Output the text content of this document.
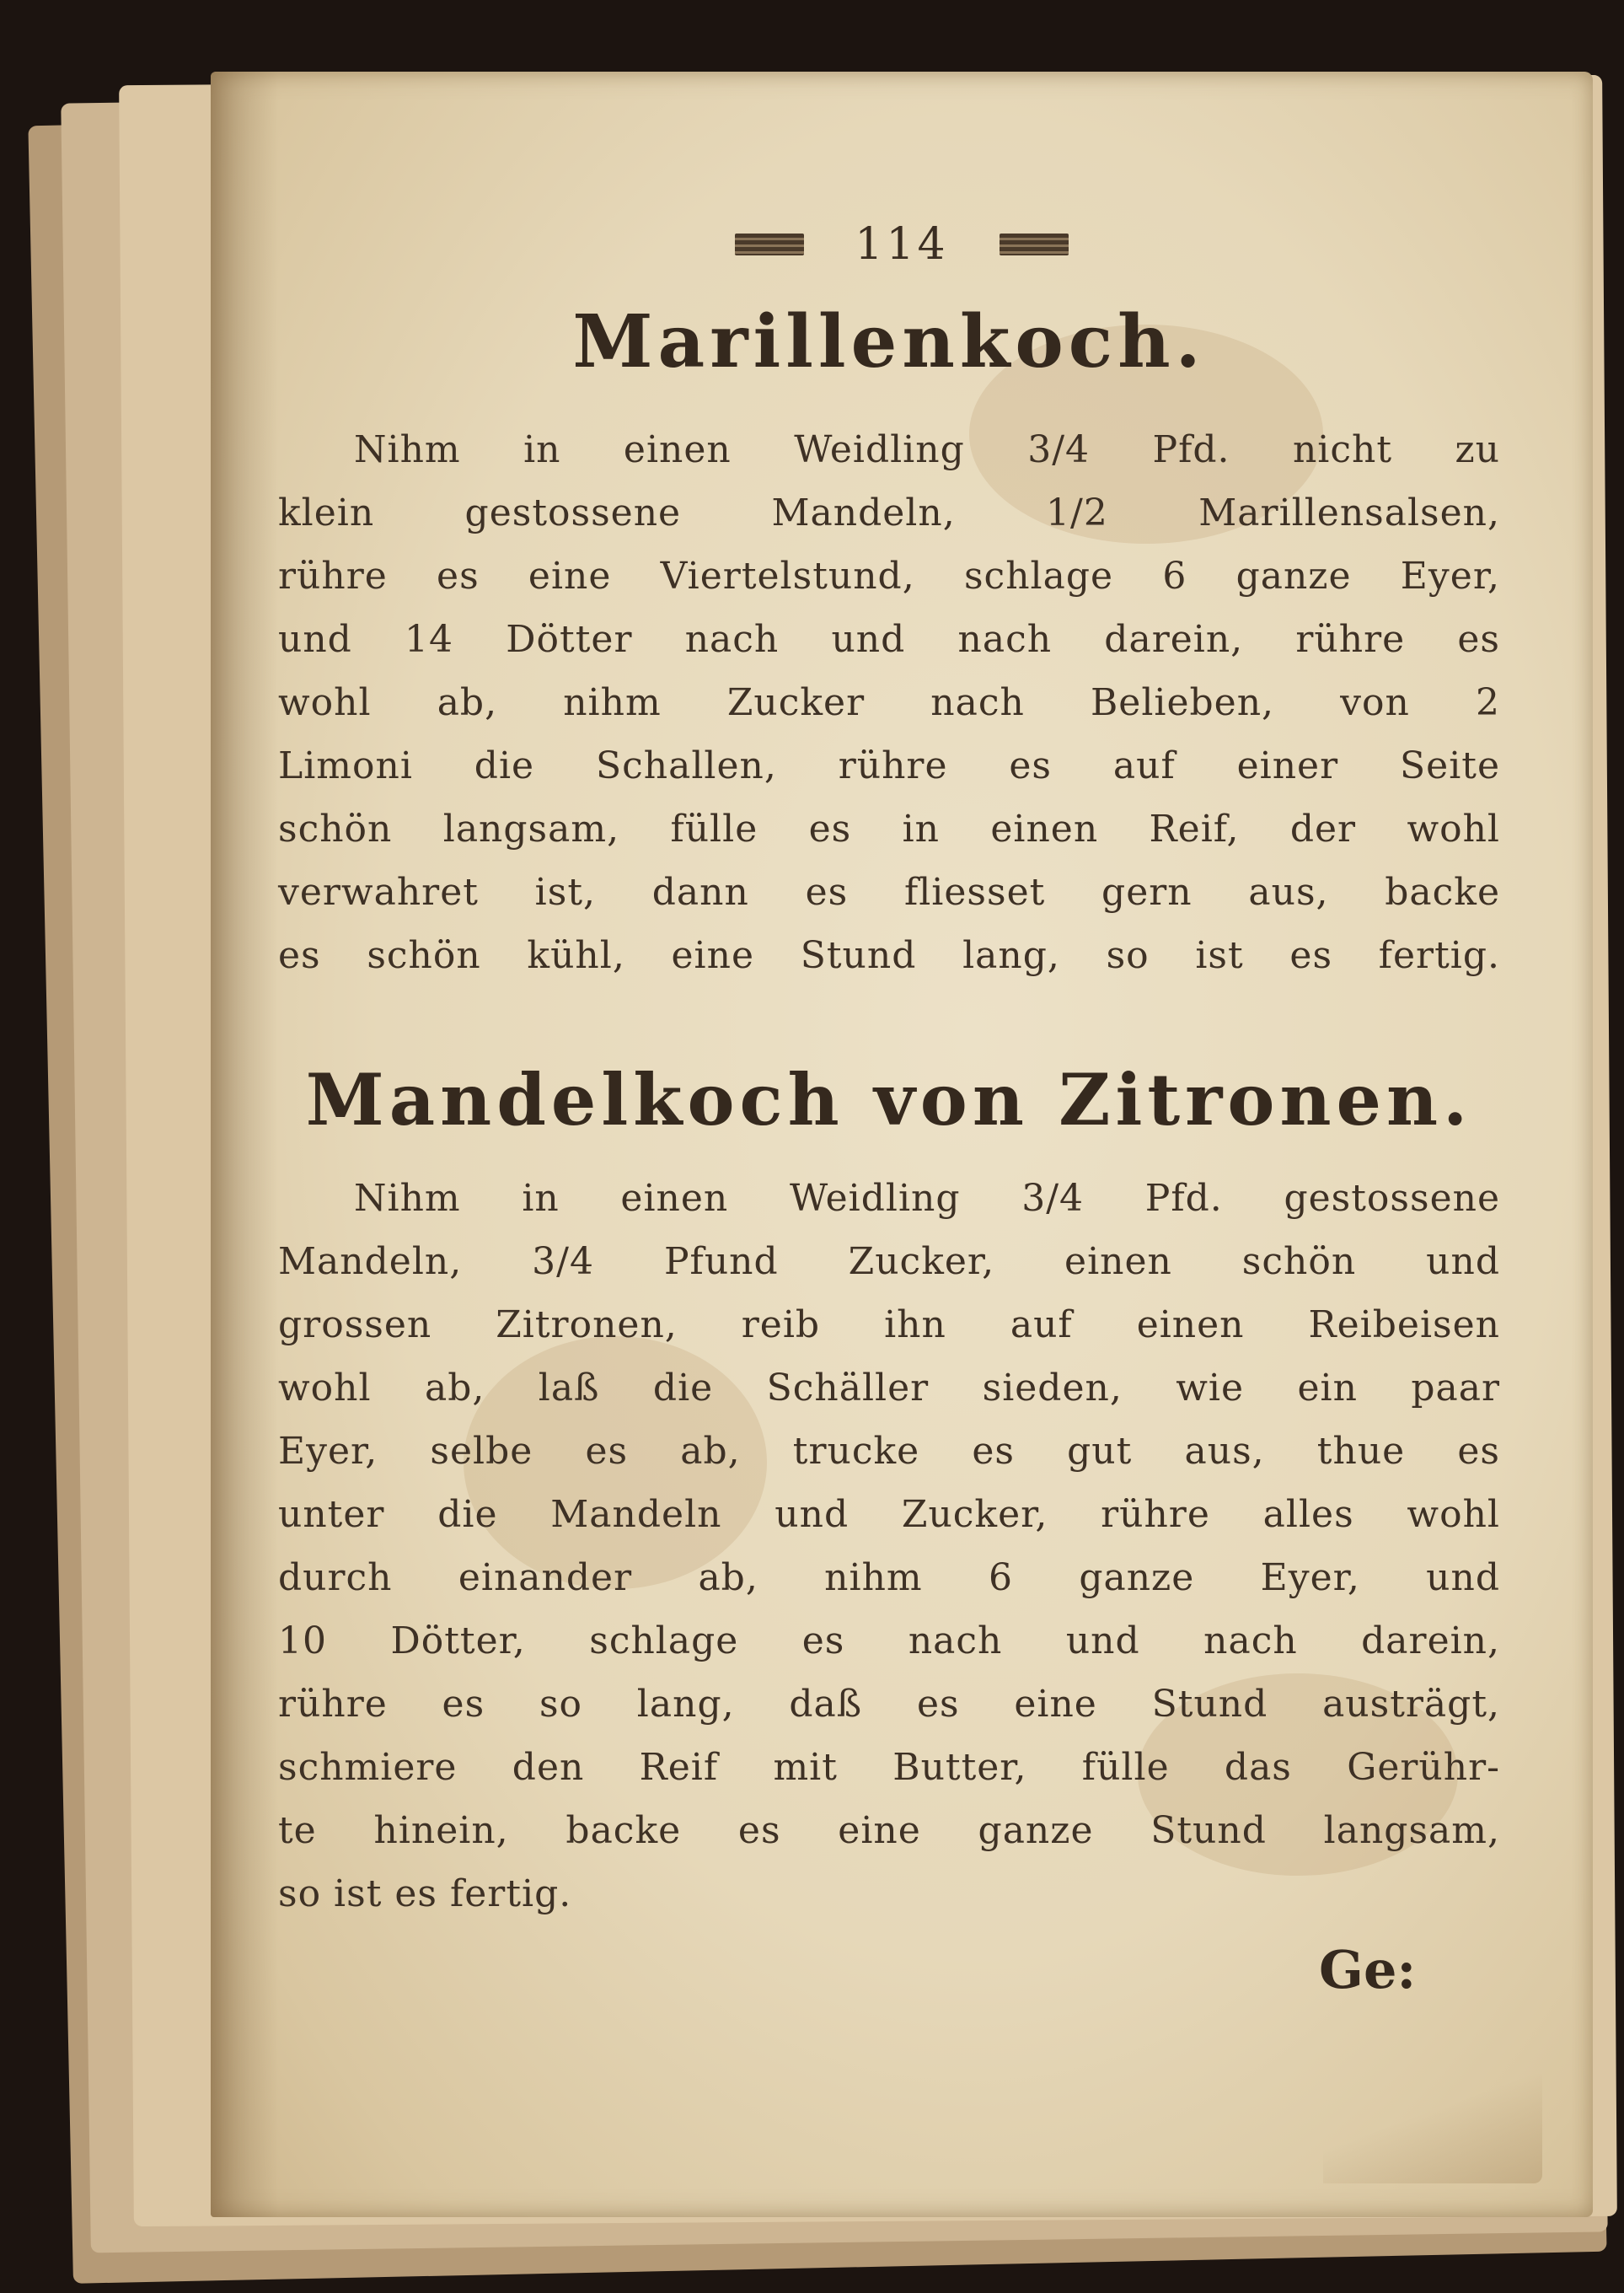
114
Marillenkoch.

Nihm in einen Weidling 3/4 Pfd. nicht zu

klein gestossene Mandeln, 1/2 Marillensalsen,

rühre es eine Viertelstund, schlage 6 ganze Eyer,

und 14 Dötter nach und nach darein, rühre es

wohl ab, nihm Zucker nach Belieben, von 2

Limoni die Schallen, rühre es auf einer Seite

schön langsam, fülle es in einen Reif, der wohl

verwahret ist, dann es fliesset gern aus, backe

es schön kühl, eine Stund lang, so ist es fertig.

Mandelkoch von Zitronen.

Nihm in einen Weidling 3/4 Pfd. gestossene

Mandeln, 3/4 Pfund Zucker, einen schön und

grossen Zitronen, reib ihn auf einen Reibeisen

wohl ab, laß die Schäller sieden, wie ein paar

Eyer, selbe es ab, trucke es gut aus, thue es

unter die Mandeln und Zucker, rühre alles wohl

durch einander ab, nihm 6 ganze Eyer, und

10 Dötter, schlage es nach und nach darein,

rühre es so lang, daß es eine Stund austrägt,

schmiere den Reif mit Butter, fülle das Gerühr-

te hinein, backe es eine ganze Stund langsam,

so ist es fertig.

Ge:
